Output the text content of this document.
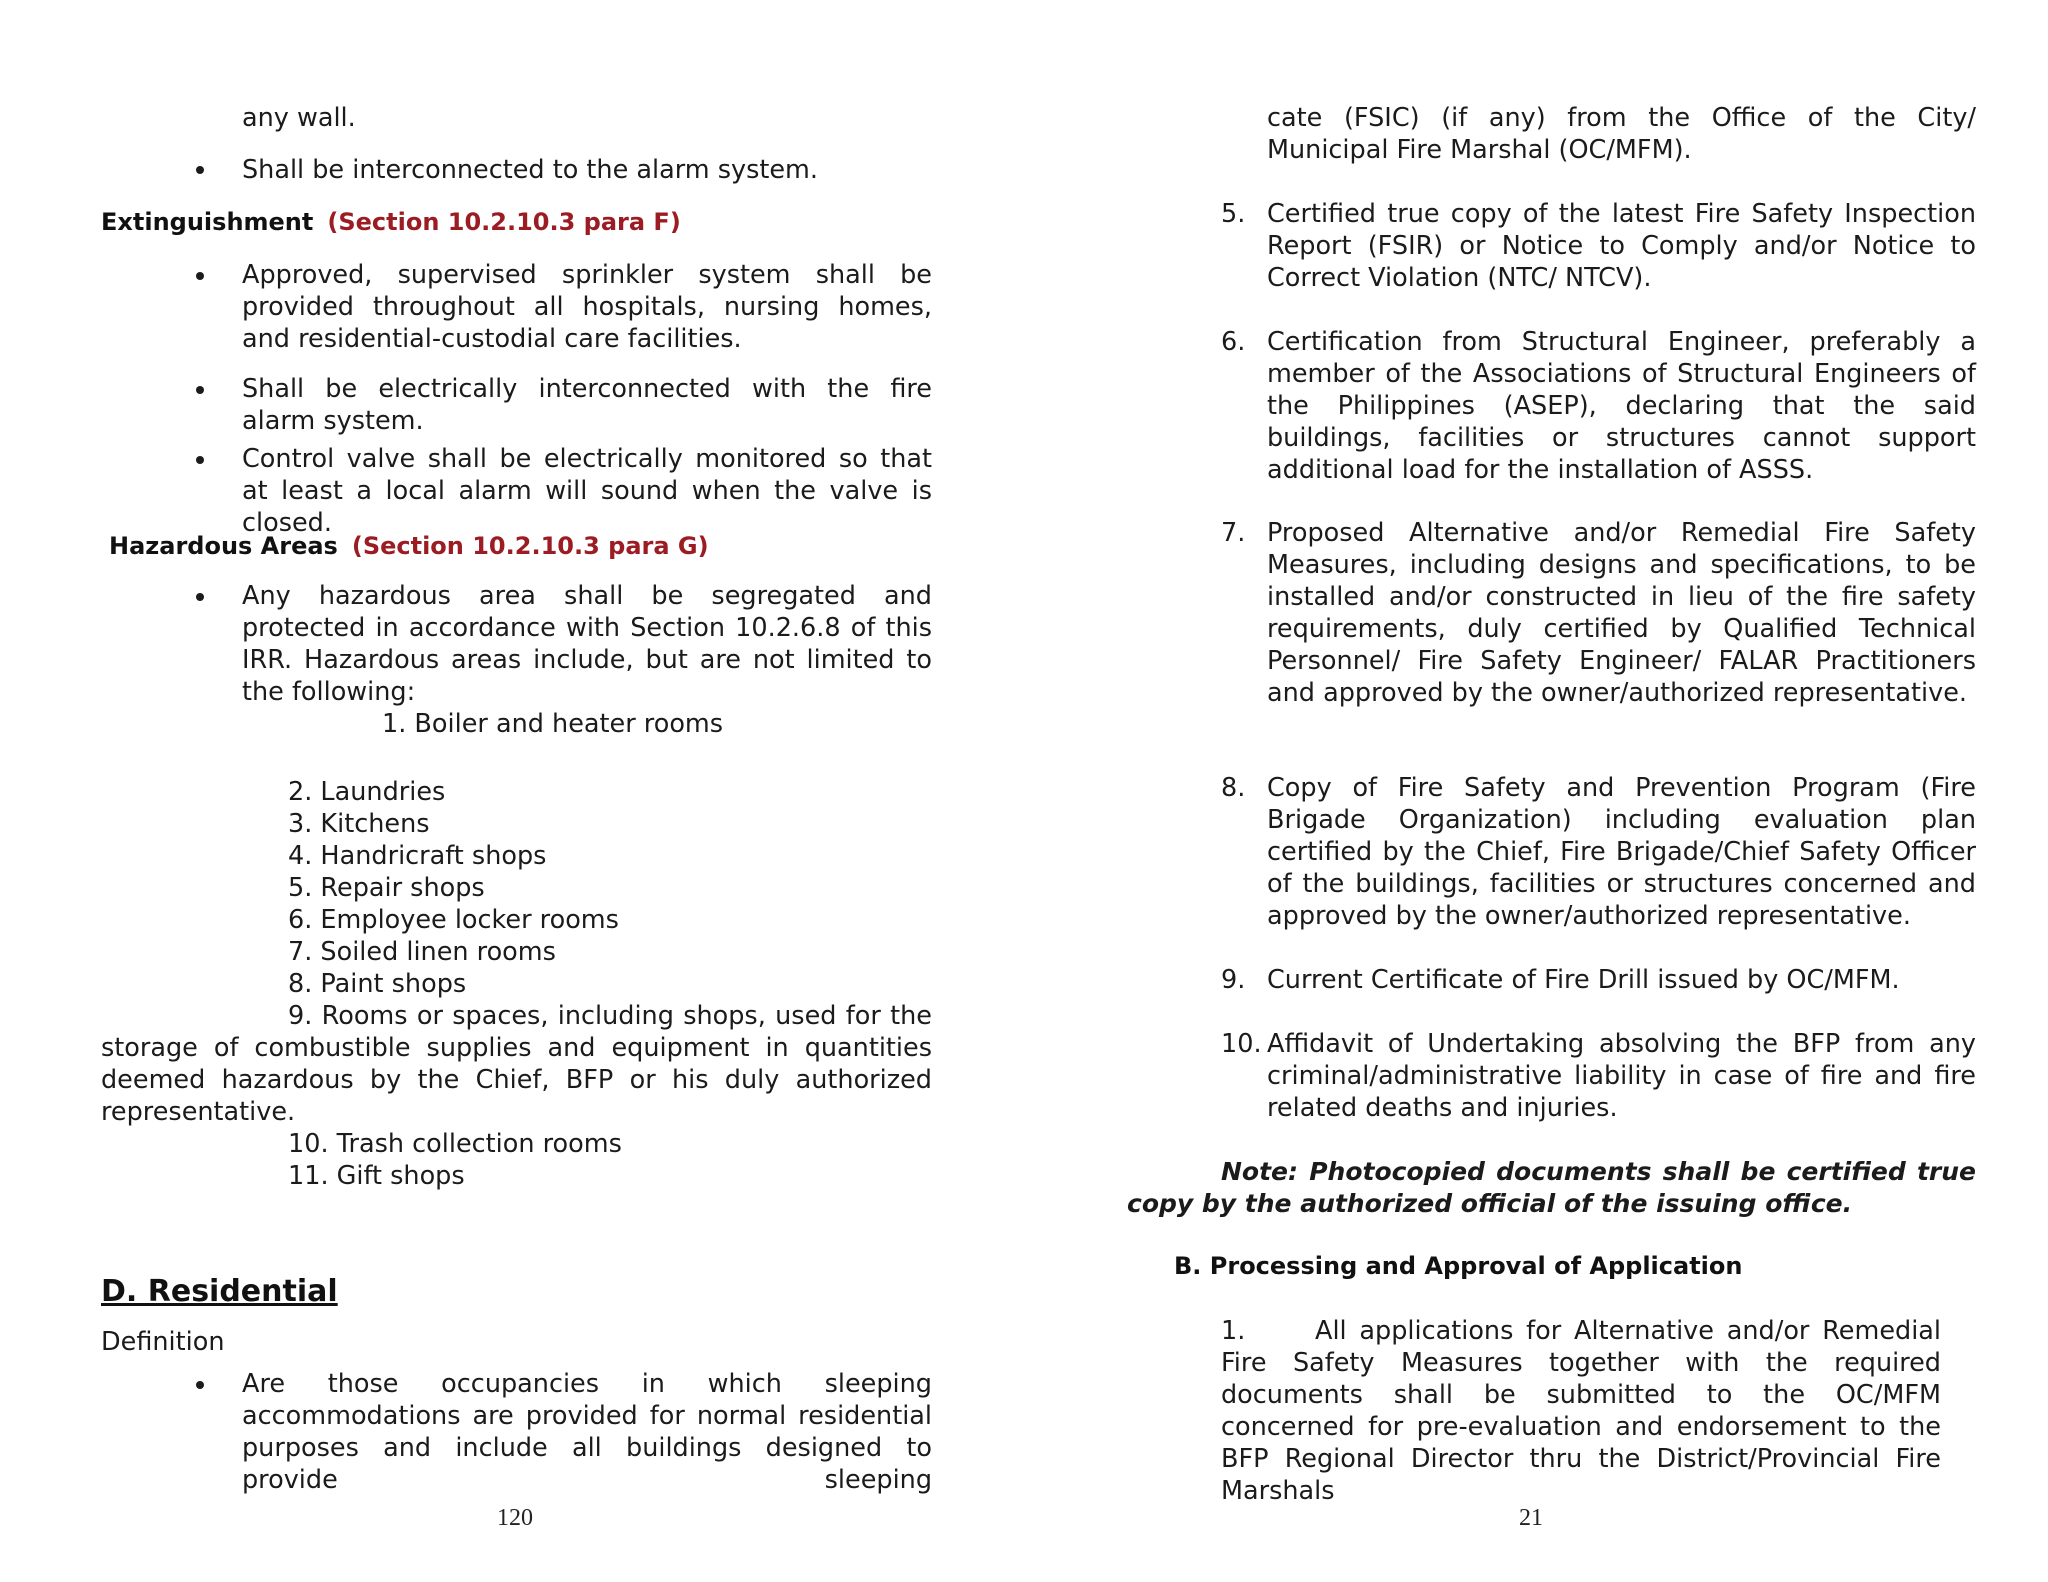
any wall.
Shall be interconnected to the alarm system.
Extinguishment (Section 10.2.10.3 para F)
Approved, supervised sprinkler system shall be provided throughout all hospitals, nursing homes, and residential-custodial care facilities.
Shall be electrically interconnected with the fire alarm system.
Control valve shall be electrically monitored so that at least a local alarm will sound when the valve is closed.
Hazardous Areas (Section 10.2.10.3 para G)
Any hazardous area shall be segregated and protected in accordance with Section 10.2.6.8 of this IRR. Hazardous areas include, but are not limited to the following:
1. Boiler and heater rooms
2. Laundries
3. Kitchens
4. Handricraft shops
5. Repair shops
6. Employee locker rooms
7. Soiled linen rooms
8. Paint shops
9. Rooms or spaces, including shops, used for the storage of combustible supplies and equipment in quantities deemed hazardous by the Chief, BFP or his duly authorized representative.
10. Trash collection rooms
11. Gift shops
D. Residential
Definition
Are those occupancies in which sleeping accommodations are provided for normal residential purposes and include all buildings designed to provide sleeping
120
cate (FSIC) (if any) from the Office of the City/ Municipal Fire Marshal (OC/MFM).
5. Certified true copy of the latest Fire Safety Inspection Report (FSIR) or Notice to Comply and/or Notice to Correct Violation (NTC/ NTCV).
6. Certification from Structural Engineer, preferably a member of the Associations of Structural Engineers of the Philippines (ASEP), declaring that the said buildings, facilities or structures cannot support additional load for the installation of ASSS.
7. Proposed Alternative and/or Remedial Fire Safety Measures, including designs and specifications, to be installed and/or constructed in lieu of the fire safety requirements, duly certified by Qualified Technical Personnel/ Fire Safety Engineer/ FALAR Practitioners and approved by the owner/authorized representative.
8. Copy of Fire Safety and Prevention Program (Fire Brigade Organization) including evaluation plan certified by the Chief, Fire Brigade/Chief Safety Officer of the buildings, facilities or structures concerned and approved by the owner/authorized representative.
9. Current Certificate of Fire Drill issued by OC/MFM.
10. Affidavit of Undertaking absolving the BFP from any criminal/administrative liability in case of fire and fire related deaths and injuries.
Note: Photocopied documents shall be certified true copy by the authorized official of the issuing office.
B. Processing and Approval of Application
1.	All applications for Alternative and/or Remedial Fire Safety Measures together with the required documents shall be submitted to the OC/MFM concerned for pre-evaluation and endorsement to the BFP Regional Director thru the District/Provincial Fire Marshals
21
